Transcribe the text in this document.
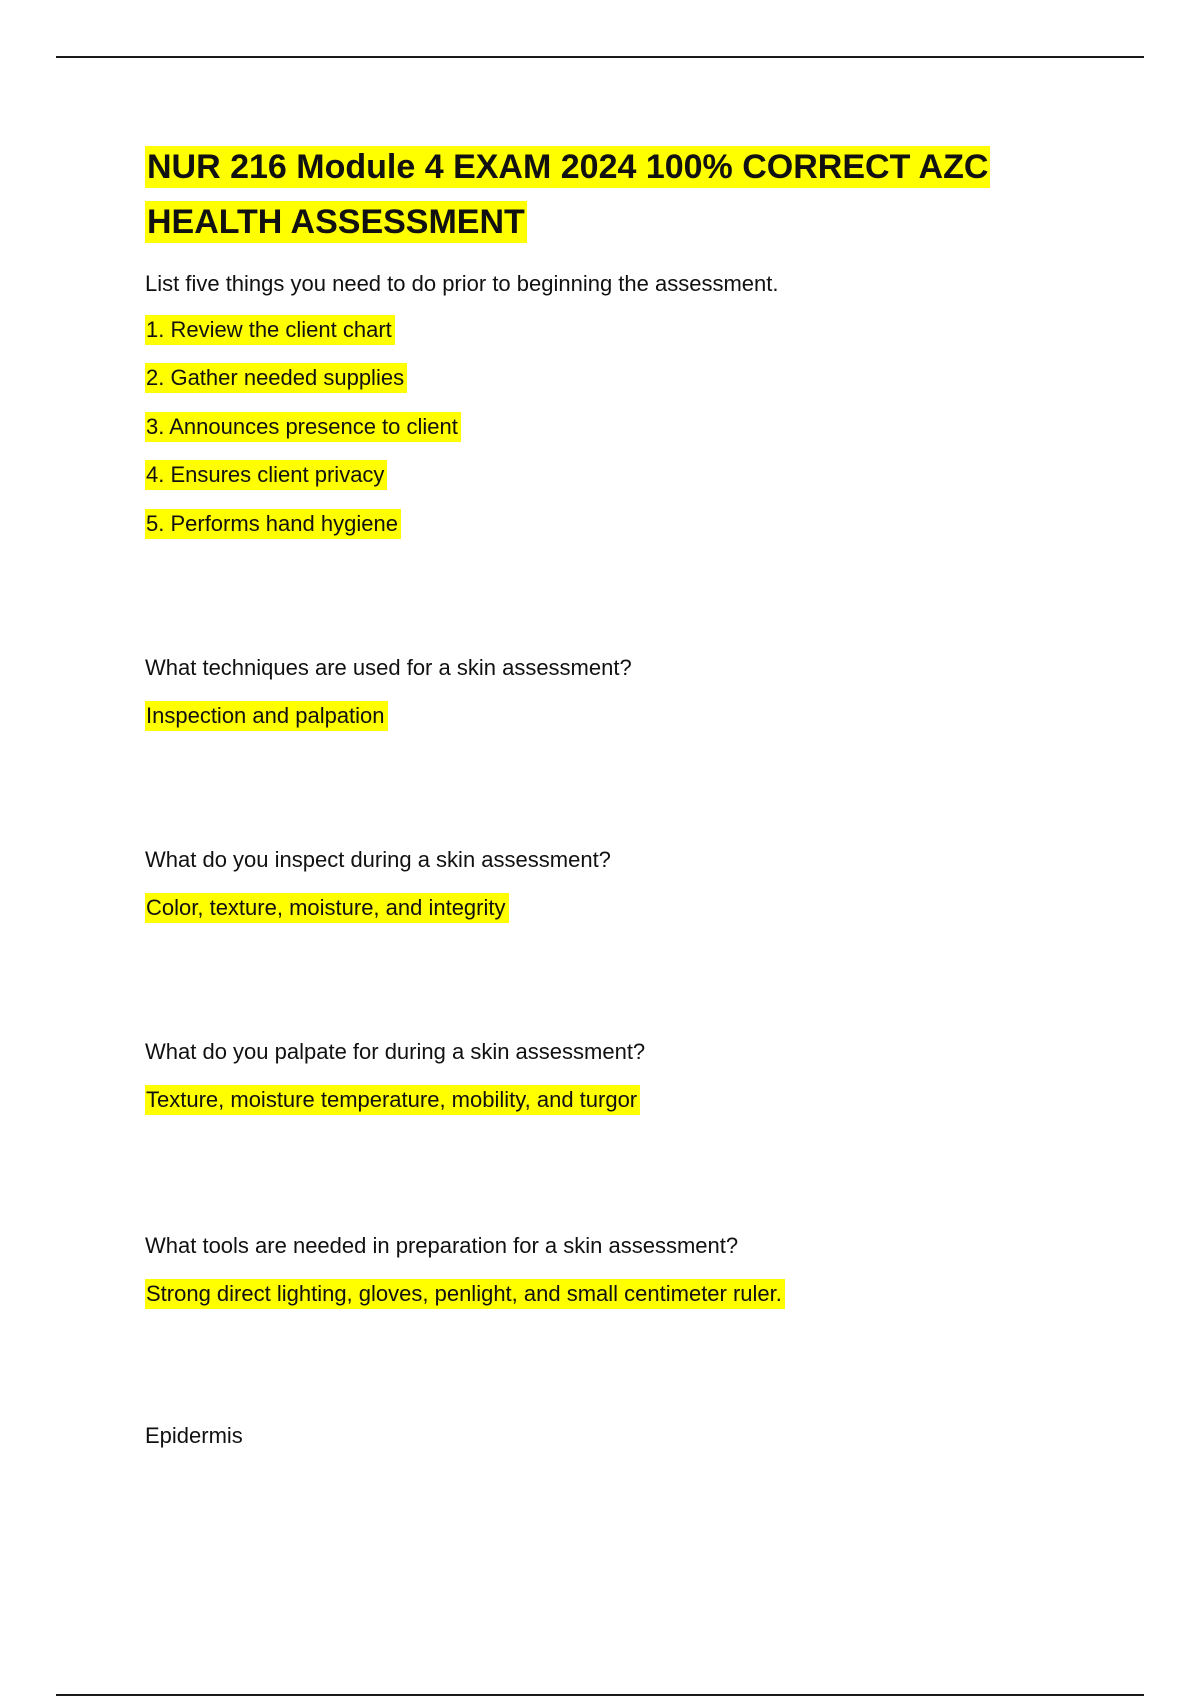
NUR 216 Module 4 EXAM 2024 100% CORRECT AZC
HEALTH ASSESSMENT

List five things you need to do prior to beginning the assessment.

1. Review the client chart

2. Gather needed supplies

3. Announces presence to client

4. Ensures client privacy

5. Performs hand hygiene

What techniques are used for a skin assessment?

Inspection and palpation

What do you inspect during a skin assessment?

Color, texture, moisture, and integrity

What do you palpate for during a skin assessment?

Texture, moisture temperature, mobility, and turgor

What tools are needed in preparation for a skin assessment?

Strong direct lighting, gloves, penlight, and small centimeter ruler.

Epidermis
